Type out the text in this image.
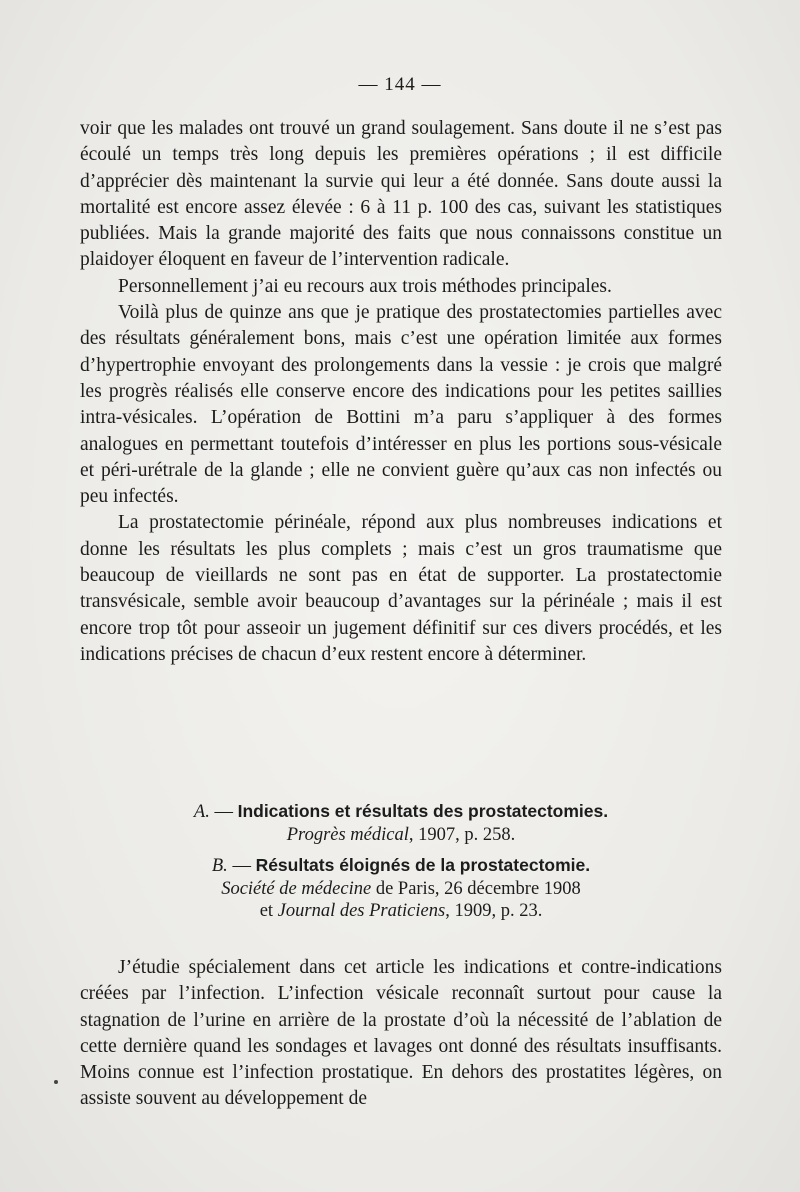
— 144 —

voir que les malades ont trouvé un grand soulagement. Sans doute il ne s’est pas écoulé un temps très long depuis les premières opérations ; il est difficile d’apprécier dès maintenant la survie qui leur a été donnée. Sans doute aussi la mortalité est encore assez élevée : 6 à 11 p. 100 des cas, suivant les statistiques publiées. Mais la grande majorité des faits que nous connaissons constitue un plaidoyer éloquent en faveur de l’intervention radicale.

Personnellement j’ai eu recours aux trois méthodes principales.

Voilà plus de quinze ans que je pratique des prostatectomies partielles avec des résultats généralement bons, mais c’est une opération limitée aux formes d’hypertrophie envoyant des prolongements dans la vessie : je crois que malgré les progrès réalisés elle conserve encore des indications pour les petites saillies intra-vésicales. L’opération de Bottini m’a paru s’appliquer à des formes analogues en permettant toutefois d’intéresser en plus les portions sous-vésicale et péri-urétrale de la glande ; elle ne convient guère qu’aux cas non infectés ou peu infectés.

La prostatectomie périnéale, répond aux plus nombreuses indications et donne les résultats les plus complets ; mais c’est un gros traumatisme que beaucoup de vieillards ne sont pas en état de supporter. La prostatectomie transvésicale, semble avoir beaucoup d’avantages sur la périnéale ; mais il est encore trop tôt pour asseoir un jugement définitif sur ces divers procédés, et les indications précises de chacun d’eux restent encore à déterminer.

A. — Indications et résultats des prostatectomies.
Progrès médical, 1907, p. 258.
B. — Résultats éloignés de la prostatectomie.
Société de médecine de Paris, 26 décembre 1908
et Journal des Praticiens, 1909, p. 23.

J’étudie spécialement dans cet article les indications et contre-indications créées par l’infection. L’infection vésicale reconnaît surtout pour cause la stagnation de l’urine en arrière de la prostate d’où la nécessité de l’ablation de cette dernière quand les sondages et lavages ont donné des résultats insuffisants. Moins connue est l’infection prostatique. En dehors des prostatites légères, on assiste souvent au développement de
